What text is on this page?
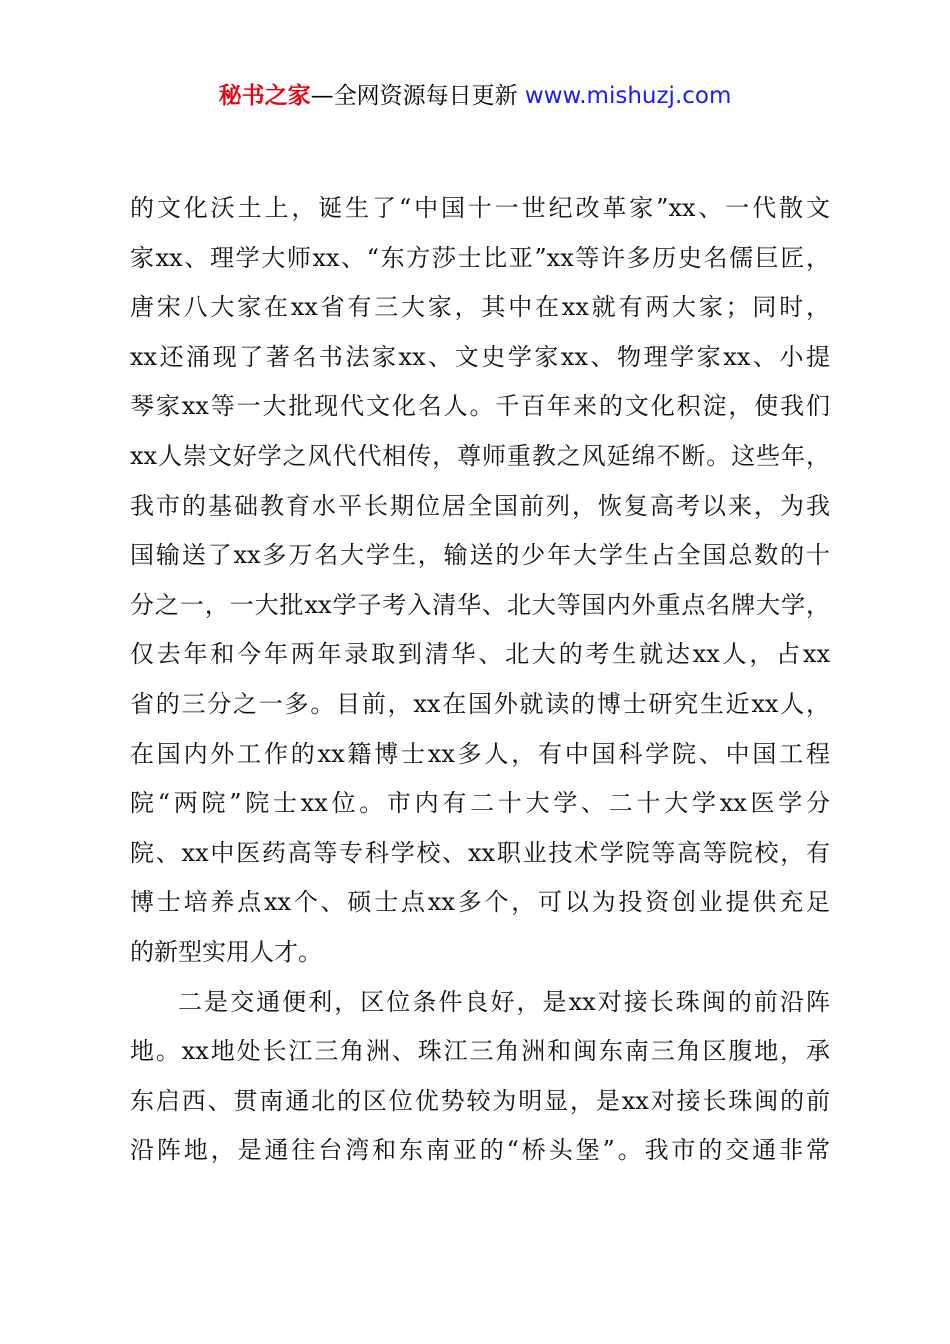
秘书之家—全网资源每日更新 www.mishuzj.com
的文化沃土上，诞生了“中国十一世纪改革家”xx、一代散文
家xx、理学大师xx、“东方莎士比亚”xx等许多历史名儒巨匠，
唐宋八大家在xx省有三大家，其中在xx就有两大家；同时，
xx还涌现了著名书法家xx、文史学家xx、物理学家xx、小提
琴家xx等一大批现代文化名人。千百年来的文化积淀，使我们
xx人崇文好学之风代代相传，尊师重教之风延绵不断。这些年，
我市的基础教育水平长期位居全国前列，恢复高考以来，为我
国输送了xx多万名大学生，输送的少年大学生占全国总数的十
分之一，一大批xx学子考入清华、北大等国内外重点名牌大学，
仅去年和今年两年录取到清华、北大的考生就达xx人，占xx
省的三分之一多。目前，xx在国外就读的博士研究生近xx人，
在国内外工作的xx籍博士xx多人，有中国科学院、中国工程
院“两院”院士xx位。市内有二十大学、二十大学xx医学分
院、xx中医药高等专科学校、xx职业技术学院等高等院校，有
博士培养点xx个、硕士点xx多个，可以为投资创业提供充足
的新型实用人才。
二是交通便利，区位条件良好，是xx对接长珠闽的前沿阵
地。xx地处长江三角洲、珠江三角洲和闽东南三角区腹地，承
东启西、贯南通北的区位优势较为明显，是xx对接长珠闽的前
沿阵地，是通往台湾和东南亚的“桥头堡”。我市的交通非常
